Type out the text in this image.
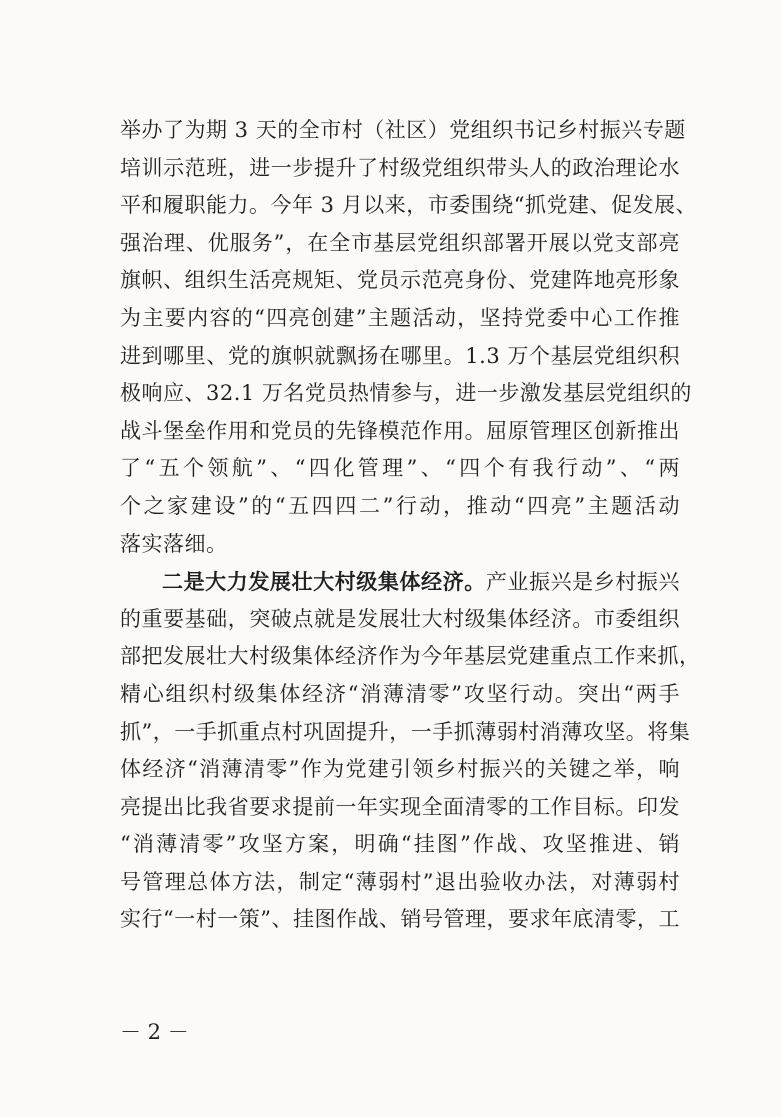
举办了为期 3 天的全市村（社区）党组织书记乡村振兴专题
培训示范班，进一步提升了村级党组织带头人的政治理论水
平和履职能力。今年 3 月以来，市委围绕“抓党建、促发展、
强治理、优服务”，在全市基层党组织部署开展以党支部亮
旗帜、组织生活亮规矩、党员示范亮身份、党建阵地亮形象
为主要内容的“四亮创建”主题活动，坚持党委中心工作推
进到哪里、党的旗帜就飘扬在哪里。1.3 万个基层党组织积
极响应、32.1 万名党员热情参与，进一步激发基层党组织的
战斗堡垒作用和党员的先锋模范作用。屈原管理区创新推出
了“五个领航”、“四化管理”、“四个有我行动”、“两
个之家建设”的“五四四二”行动，推动“四亮”主题活动
落实落细。
二是大力发展壮大村级集体经济。产业振兴是乡村振兴
的重要基础，突破点就是发展壮大村级集体经济。市委组织
部把发展壮大村级集体经济作为今年基层党建重点工作来抓，
精心组织村级集体经济“消薄清零”攻坚行动。突出“两手
抓”，一手抓重点村巩固提升，一手抓薄弱村消薄攻坚。将集
体经济“消薄清零”作为党建引领乡村振兴的关键之举，响
亮提出比我省要求提前一年实现全面清零的工作目标。印发
“消薄清零”攻坚方案，明确“挂图”作战、攻坚推进、销
号管理总体方法，制定“薄弱村”退出验收办法，对薄弱村
实行“一村一策”、挂图作战、销号管理，要求年底清零，工
－ 2 －
